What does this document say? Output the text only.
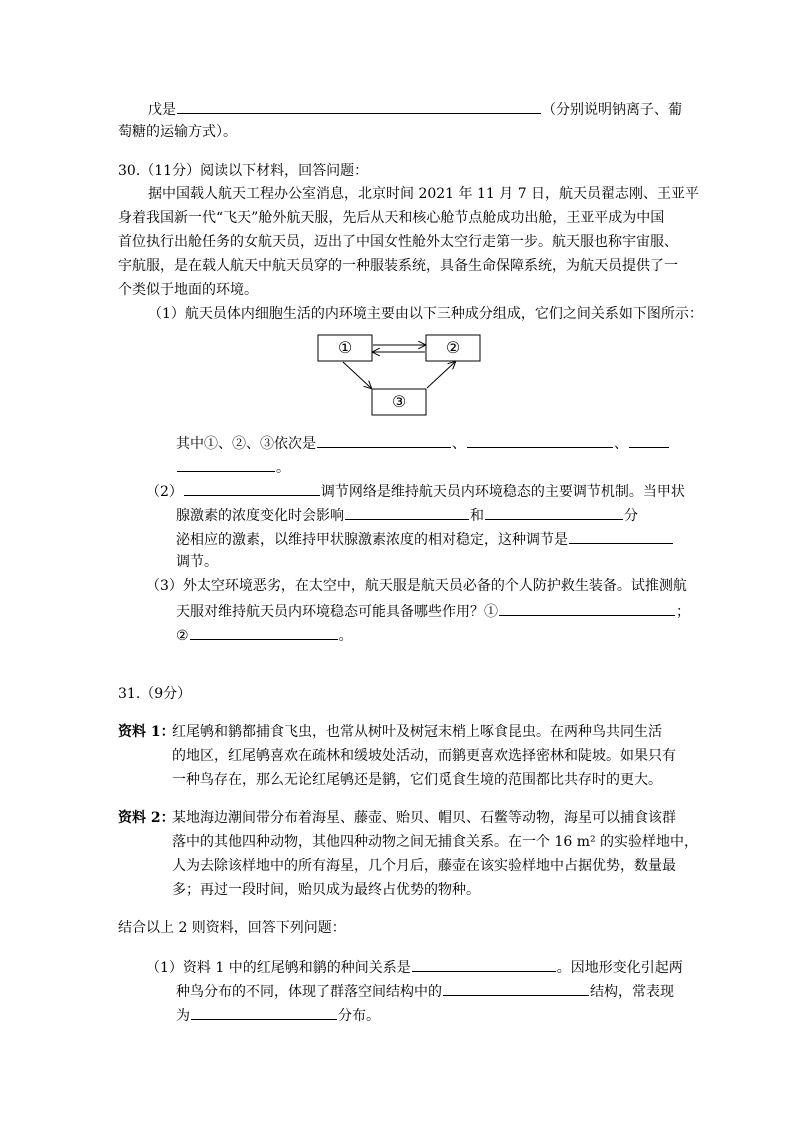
戊是	（分别说明钠离子、葡
萄糖的运输方式）。
30.（11分）阅读以下材料，回答问题：
据中国载人航天工程办公室消息，北京时间 2021 年 11 月 7 日，航天员翟志刚、王亚平
身着我国新一代“飞天”舱外航天服，先后从天和核心舱节点舱成功出舱，王亚平成为中国
首位执行出舱任务的女航天员，迈出了中国女性舱外太空行走第一步。航天服也称宇宙服、
宇航服，是在载人航天中航天员穿的一种服装系统，具备生命保障系统，为航天员提供了一
个类似于地面的环境。
（1）航天员体内细胞生活的内环境主要由以下三种成分组成，它们之间关系如下图所示：
①	②
③
其中①、②、③依次是	、	、
。
（2）	调节网络是维持航天员内环境稳态的主要调节机制。当甲状
腺激素的浓度变化时会影响	和	分
泌相应的激素，以维持甲状腺激素浓度的相对稳定，这种调节是
调节。
（3）外太空环境恶劣，在太空中，航天服是航天员必备的个人防护救生装备。试推测航
天服对维持航天员内环境稳态可能具备哪些作用？①	；
②	。
31.（9分）
资料 1：
红尾鸲和鹟都捕食飞虫，也常从树叶及树冠末梢上啄食昆虫。在两种鸟共同生活
的地区，红尾鸲喜欢在疏林和缓坡处活动，而鹟更喜欢选择密林和陡坡。如果只有
一种鸟存在，那么无论红尾鸲还是鹟，它们觅食生境的范围都比共存时的更大。
资料 2：
某地海边潮间带分布着海星、藤壶、贻贝、帽贝、石鳖等动物，海星可以捕食该群
落中的其他四种动物，其他四种动物之间无捕食关系。在一个 16 m² 的实验样地中，
人为去除该样地中的所有海星，几个月后，藤壶在该实验样地中占据优势，数量最
多；再过一段时间，贻贝成为最终占优势的物种。
结合以上 2 则资料，回答下列问题：
（1）资料 1 中的红尾鸲和鹟的种间关系是	。因地形变化引起两
种鸟分布的不同，体现了群落空间结构中的	结构，常表现
为	分布。
